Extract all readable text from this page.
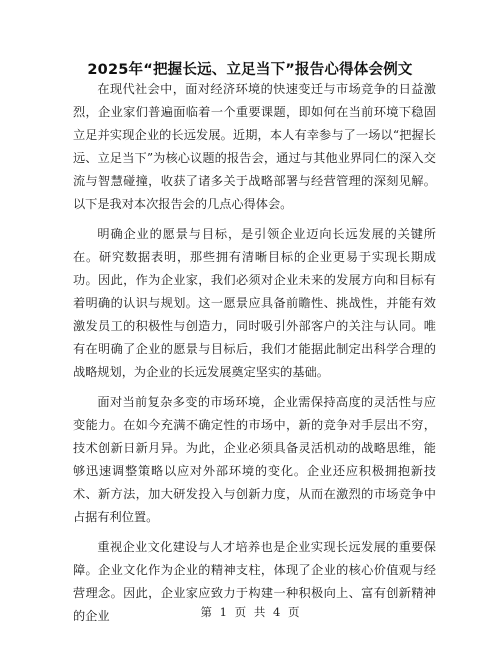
2025年“把握长远、立足当下”报告心得体会例文

在现代社会中，面对经济环境的快速变迁与市场竞争的日益激烈，企业家们普遍面临着一个重要课题，即如何在当前环境下稳固立足并实现企业的长远发展。近期，本人有幸参与了一场以“把握长远、立足当下”为核心议题的报告会，通过与其他业界同仁的深入交流与智慧碰撞，收获了诸多关于战略部署与经营管理的深刻见解。以下是我对本次报告会的几点心得体会。

明确企业的愿景与目标，是引领企业迈向长远发展的关键所在。研究数据表明，那些拥有清晰目标的企业更易于实现长期成功。因此，作为企业家，我们必须对企业未来的发展方向和目标有着明确的认识与规划。这一愿景应具备前瞻性、挑战性，并能有效激发员工的积极性与创造力，同时吸引外部客户的关注与认同。唯有在明确了企业的愿景与目标后，我们才能据此制定出科学合理的战略规划，为企业的长远发展奠定坚实的基础。

面对当前复杂多变的市场环境，企业需保持高度的灵活性与应变能力。在如今充满不确定性的市场中，新的竞争对手层出不穷，技术创新日新月异。为此，企业必须具备灵活机动的战略思维，能够迅速调整策略以应对外部环境的变化。企业还应积极拥抱新技术、新方法，加大研发投入与创新力度，从而在激烈的市场竞争中占据有利位置。

重视企业文化建设与人才培养也是企业实现长远发展的重要保障。企业文化作为企业的精神支柱，体现了企业的核心价值观与经营理念。因此，企业家应致力于构建一种积极向上、富有创新精神的企业	第 1 页 共 4 页
